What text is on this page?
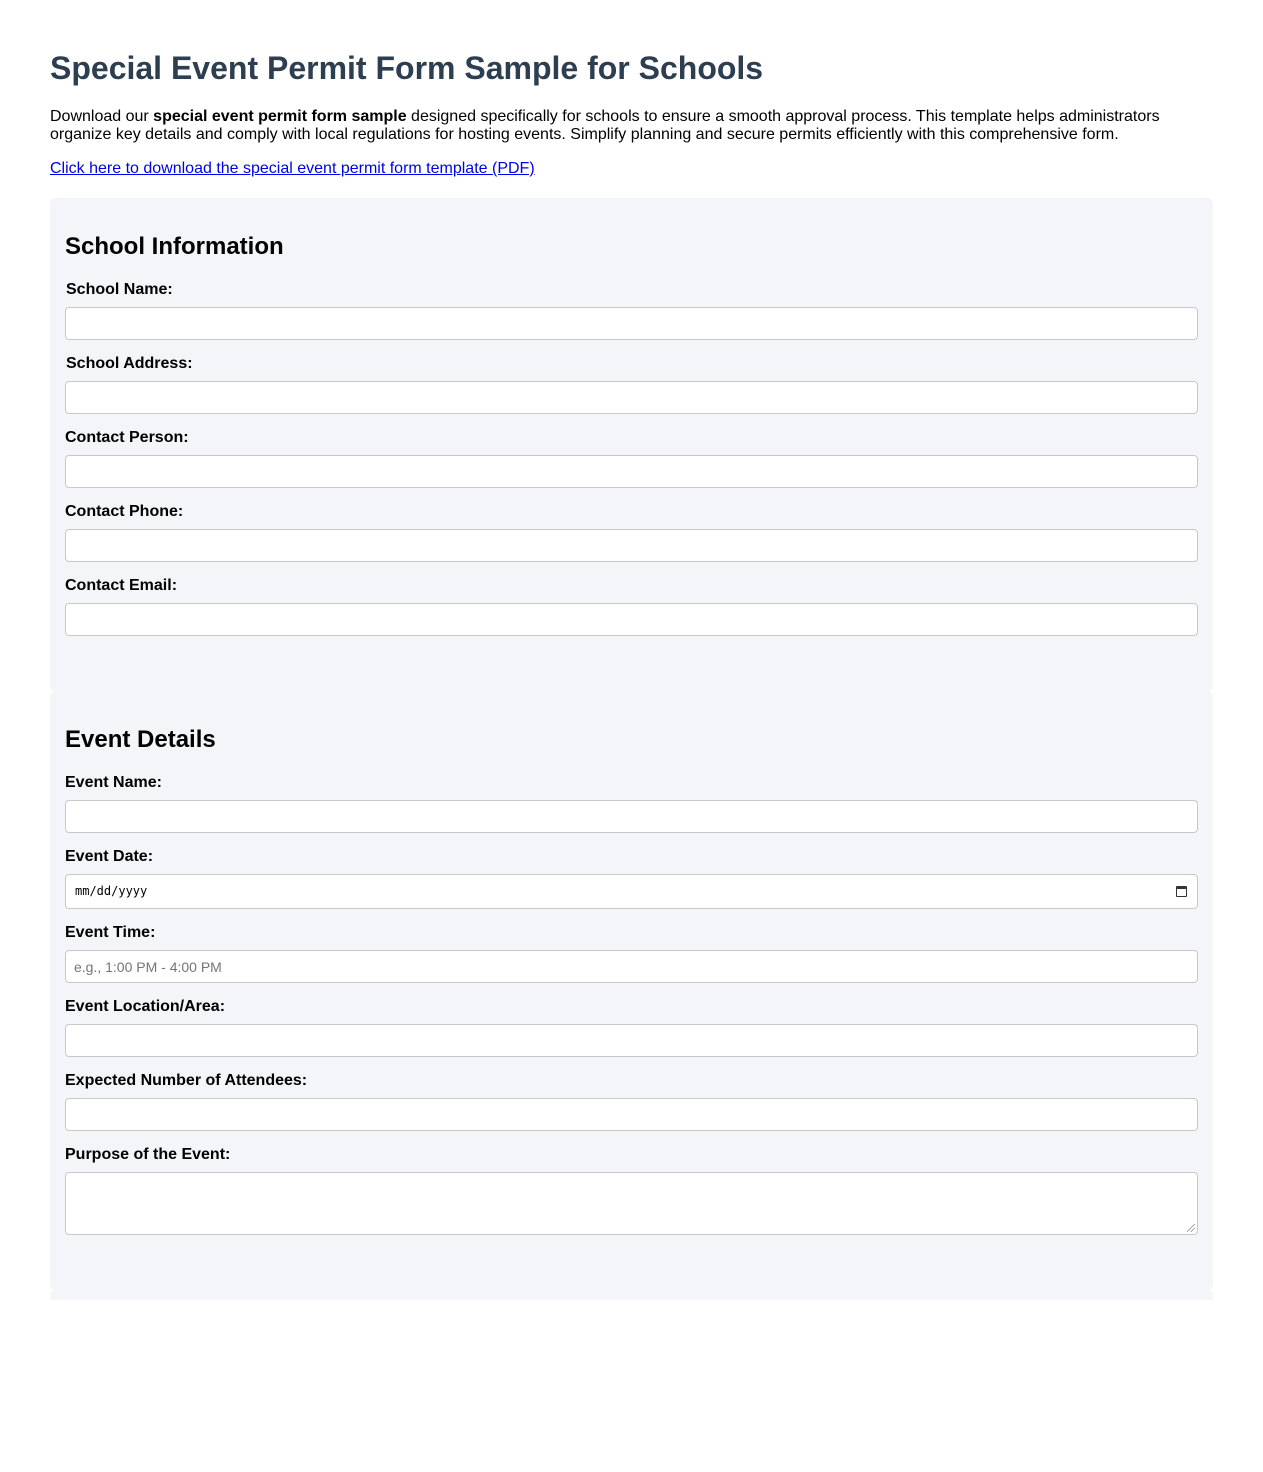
Special Event Permit Form Sample for Schools

Download our special event permit form sample designed specifically for schools to ensure a smooth approval process. This template helps administrators organize key details and comply with local regulations for hosting events. Simplify planning and secure permits efficiently with this comprehensive form.

Click here to download the special event permit form template (PDF)
School Information
School Name:
School Address:
Contact Person:
Contact Phone:
Contact Email:
Event Details
Event Name:
Event Date:
mm/dd/yyyy
Event Time:
e.g., 1:00 PM - 4:00 PM
Event Location/Area:
Expected Number of Attendees:
Purpose of the Event:
